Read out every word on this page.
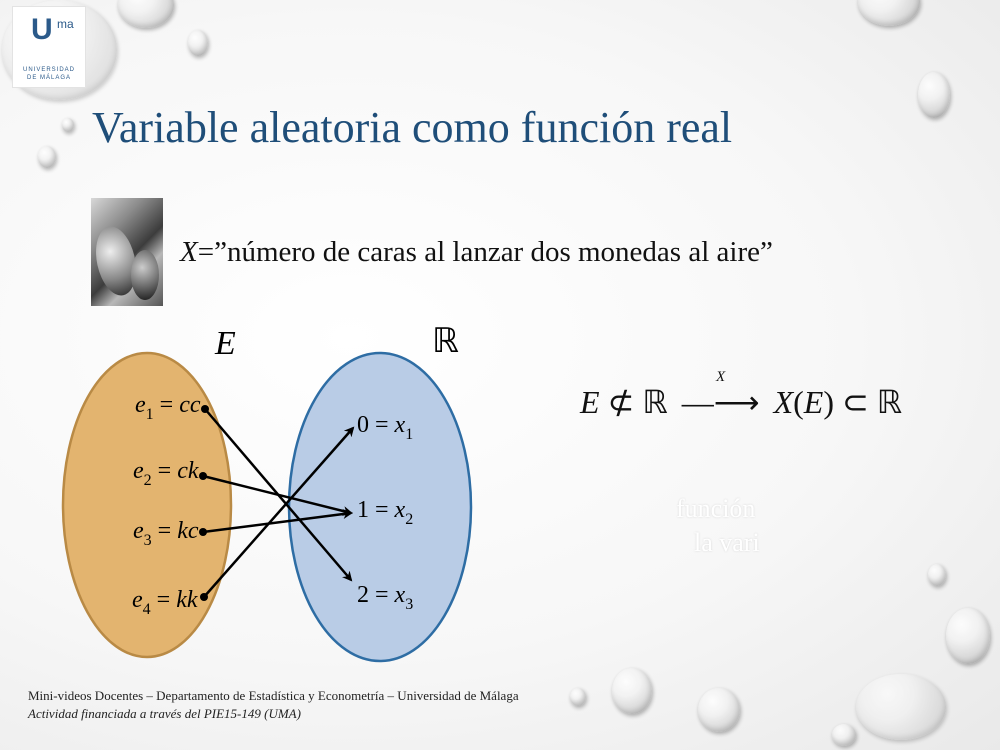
U ma
UNIVERSIDAD
DE MÁLAGA
Variable aleatoria como función real
X=”número de caras al lanzar dos monedas al aire”
E	ℝ
$e_1$ = cc
$e_2$ = ck
$e_3$ = kc
$e_4$ = kk
$0 = x_1$
$1 = x_2$
$2 = x_3$
E ⊄ ℝ
X
—⟶ X(E) ⊂ ℝ
función
la vari
Mini-videos Docentes – Departamento de Estadística y Econometría – Universidad de Málaga
Actividad financiada a través del PIE15-149 (UMA)
